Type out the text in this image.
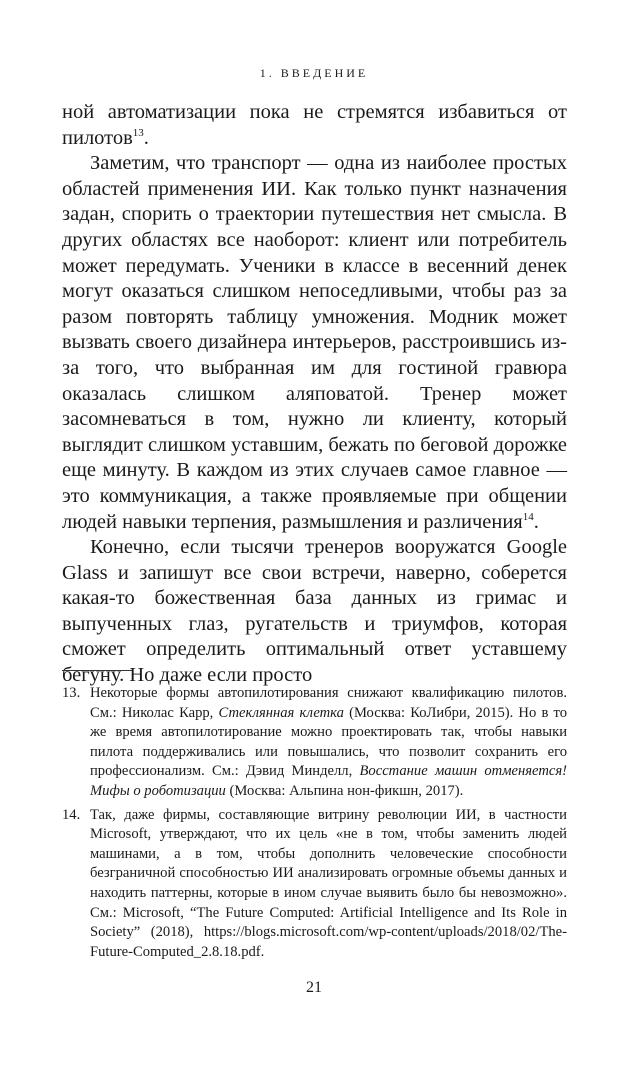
1. ВВЕДЕНИЕ

ной автоматизации пока не стремятся избавиться от пилотов$^{13}$.

Заметим, что транспорт — одна из наиболее простых областей применения ИИ. Как только пункт назначения задан, спорить о траектории путешествия нет смысла. В других областях все наоборот: клиент или потребитель может передумать. Ученики в классе в весенний денек могут оказаться слишком непоседливыми, чтобы раз за разом повторять таблицу умножения. Модник может вызвать своего дизайнера интерьеров, расстроившись из-за того, что выбранная им для гостиной гравюра оказалась слишком аляповатой. Тренер может засомневаться в том, нужно ли клиенту, который выглядит слишком уставшим, бежать по беговой дорожке еще минуту. В каждом из этих случаев самое главное — это коммуникация, а также проявляемые при общении людей навыки терпения, размышления и различения$^{14}$.

Конечно, если тысячи тренеров вооружатся Google Glass и запишут все свои встречи, наверно, соберется какая-то божественная база данных из гримас и выпученных глаз, ругательств и триумфов, которая сможет определить оптимальный ответ уставшему бегуну. Но даже если просто

13. Некоторые формы автопилотирования снижают квалификацию пилотов. См.: Николас Карр, Стеклянная клетка (Москва: КоЛибри, 2015). Но в то же время автопилотирование можно проектировать так, чтобы навыки пилота поддерживались или повышались, что позволит сохранить его профессионализм. См.: Дэвид Минделл, Восстание машин отменяется! Мифы о роботизации (Москва: Альпина нон-фикшн, 2017).
14. Так, даже фирмы, составляющие витрину революции ИИ, в частности Microsoft, утверждают, что их цель «не в том, чтобы заменить людей машинами, а в том, чтобы дополнить человеческие способности безграничной способностью ИИ анализировать огромные объемы данных и находить паттерны, которые в ином случае выявить было бы невозможно». См.: Microsoft, “The Future Computed: Artificial Intelligence and Its Role in Society” (2018), https://blogs.microsoft.com/wp-content/uploads/2018/02/The-Future-Computed_2.8.18.pdf.
21
